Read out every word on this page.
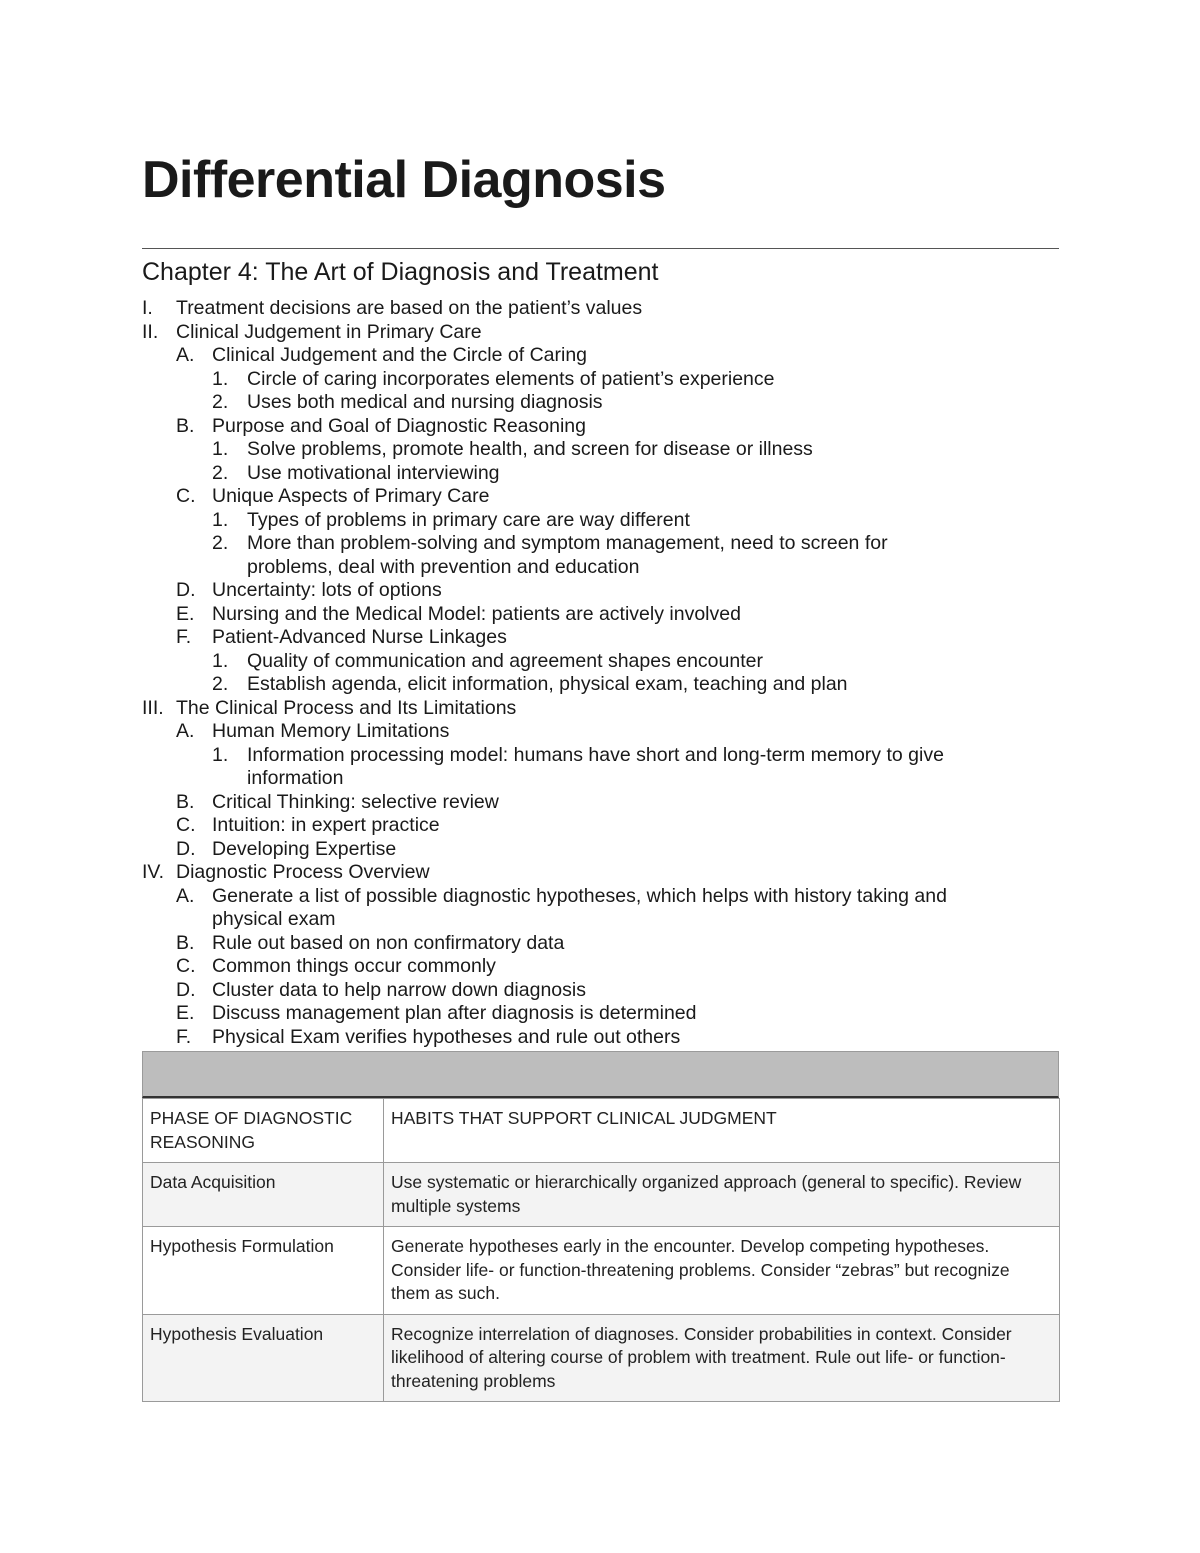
Differential Diagnosis
Chapter 4: The Art of Diagnosis and Treatment
I. Treatment decisions are based on the patient’s values
II. Clinical Judgement in Primary Care
A. Clinical Judgement and the Circle of Caring
1. Circle of caring incorporates elements of patient’s experience
2. Uses both medical and nursing diagnosis
B. Purpose and Goal of Diagnostic Reasoning
1. Solve problems, promote health, and screen for disease or illness
2. Use motivational interviewing
C. Unique Aspects of Primary Care
1. Types of problems in primary care are way different
2. More than problem-solving and symptom management, need to screen for
problems, deal with prevention and education
D. Uncertainty: lots of options
E. Nursing and the Medical Model: patients are actively involved
F. Patient-Advanced Nurse Linkages
1. Quality of communication and agreement shapes encounter
2. Establish agenda, elicit information, physical exam, teaching and plan
III. The Clinical Process and Its Limitations
A. Human Memory Limitations
1. Information processing model: humans have short and long-term memory to give
information
B. Critical Thinking: selective review
C. Intuition: in expert practice
D. Developing Expertise
IV. Diagnostic Process Overview
A. Generate a list of possible diagnostic hypotheses, which helps with history taking and
physical exam
B. Rule out based on non confirmatory data
C. Common things occur commonly
D. Cluster data to help narrow down diagnosis
E. Discuss management plan after diagnosis is determined
F. Physical Exam verifies hypotheses and rule out others
PHASE OF DIAGNOSTIC REASONING	HABITS THAT SUPPORT CLINICAL JUDGMENT
Data Acquisition	Use systematic or hierarchically organized approach (general to specific). Review multiple systems
Hypothesis Formulation	Generate hypotheses early in the encounter. Develop competing hypotheses. Consider life- or function-threatening problems. Consider “zebras” but recognize them as such.
Hypothesis Evaluation	Recognize interrelation of diagnoses. Consider probabilities in context. Consider likelihood of altering course of problem with treatment. Rule out life- or function-threatening problems
